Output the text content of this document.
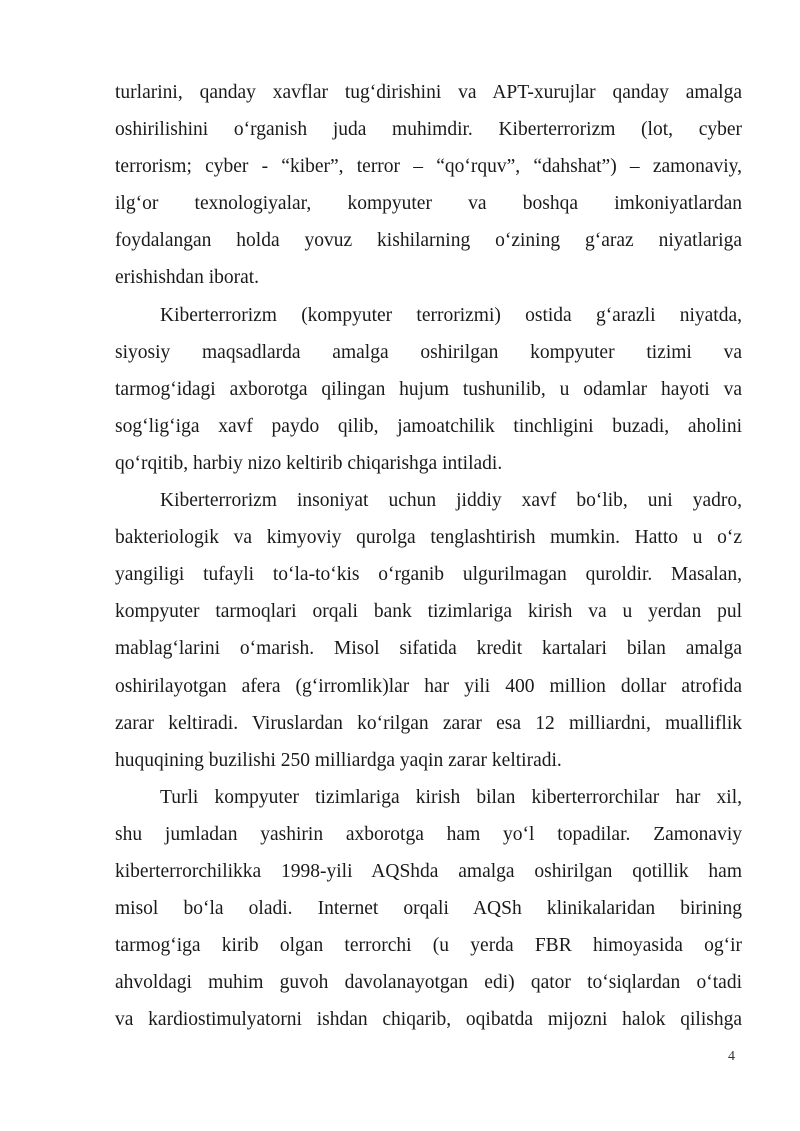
turlarini, qanday xavflar tug‘dirishini va APT-xurujlar qanday amalga
oshirilishini o‘rganish juda muhimdir. Kiberterrorizm (lot, cyber
terrorism; cyber - “kiber”, terror – “qo‘rquv”, “dahshat”) – zamonaviy,
ilg‘or texnologiyalar, kompyuter va boshqa imkoniyatlardan
foydalangan holda yovuz kishilarning o‘zining g‘araz niyatlariga
erishishdan iborat.
Kiberterrorizm (kompyuter terrorizmi) ostida g‘arazli niyatda,
siyosiy maqsadlarda amalga oshirilgan kompyuter tizimi va
tarmog‘idagi axborotga qilingan hujum tushunilib, u odamlar hayoti va
sog‘lig‘iga xavf paydo qilib, jamoatchilik tinchligini buzadi, aholini
qo‘rqitib, harbiy nizo keltirib chiqarishga intiladi.
Kiberterrorizm insoniyat uchun jiddiy xavf bo‘lib, uni yadro,
bakteriologik va kimyoviy qurolga tenglashtirish mumkin. Hatto u o‘z
yangiligi tufayli to‘la-to‘kis o‘rganib ulgurilmagan quroldir. Masalan,
kompyuter tarmoqlari orqali bank tizimlariga kirish va u yerdan pul
mablag‘larini o‘marish. Misol sifatida kredit kartalari bilan amalga
oshirilayotgan afera (g‘irromlik)lar har yili 400 million dollar atrofida
zarar keltiradi. Viruslardan ko‘rilgan zarar esa 12 milliardni, mualliflik
huquqining buzilishi 250 milliardga yaqin zarar keltiradi.
Turli kompyuter tizimlariga kirish bilan kiberterrorchilar har xil,
shu jumladan yashirin axborotga ham yo‘l topadilar. Zamonaviy
kiberterrorchilikka 1998-yili AQShda amalga oshirilgan qotillik ham
misol bo‘la oladi. Internet orqali AQSh klinikalaridan birining
tarmog‘iga kirib olgan terrorchi (u yerda FBR himoyasida og‘ir
ahvoldagi muhim guvoh davolanayotgan edi) qator to‘siqlardan o‘tadi
va kardiostimulyatorni ishdan chiqarib, oqibatda mijozni halok qilishga
4
